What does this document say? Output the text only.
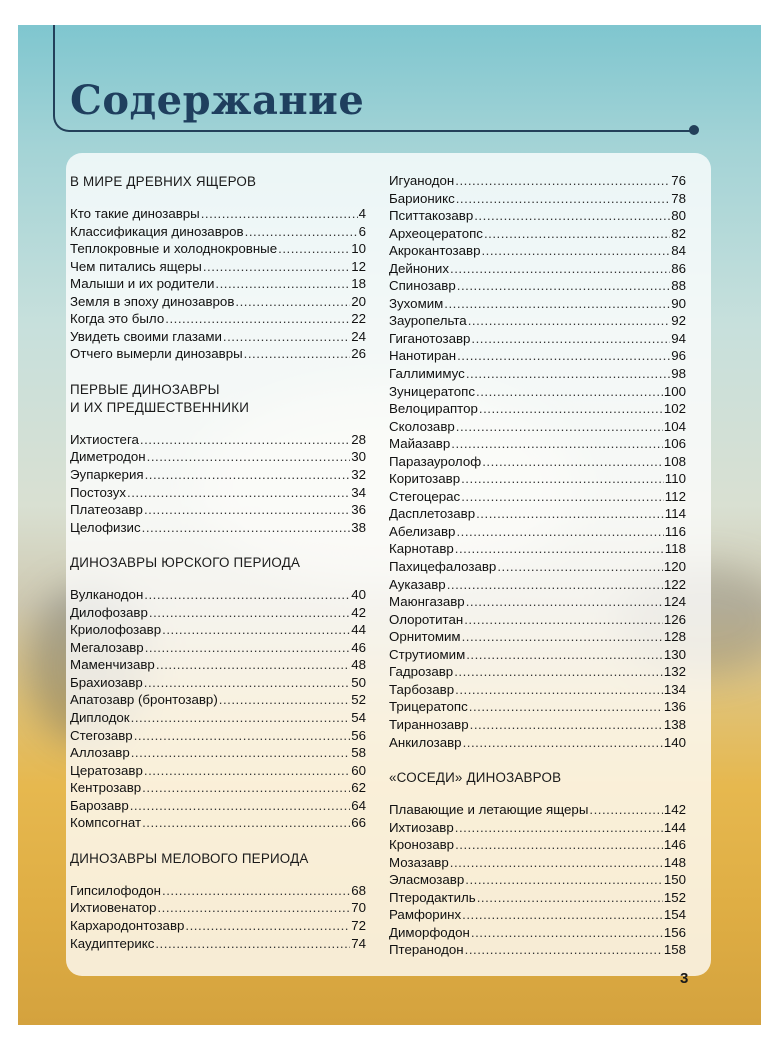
Содержание
В МИРЕ ДРЕВНИХ ЯЩЕРОВ
Кто такие динозавры .....	4
Классификация динозавров .....	6
Теплокровные и холоднокровные .....	10
Чем питались ящеры .....	12
Малыши и их родители .....	18
Земля в эпоху динозавров .....	20
Когда это было .....	22
Увидеть своими глазами .....	24
Отчего вымерли динозавры .....	26
ПЕРВЫЕ ДИНОЗАВРЫ
И ИХ ПРЕДШЕСТВЕННИКИ
Ихтиостега .....	28
Диметродон .....	30
Эупаркерия .....	32
Постозух .....	34
Платеозавр .....	36
Целофизис .....	38
ДИНОЗАВРЫ ЮРСКОГО ПЕРИОДА
Вулканодон .....	40
Дилофозавр .....	42
Криолофозавр .....	44
Мегалозавр .....	46
Маменчизавр .....	48
Брахиозавр .....	50
Апатозавр (бронтозавр) .....	52
Диплодок .....	54
Стегозавр .....	56
Аллозавр .....	58
Цератозавр .....	60
Кентрозавр .....	62
Барозавр .....	64
Компсогнат .....	66
ДИНОЗАВРЫ МЕЛОВОГО ПЕРИОДА
Гипсилофодон .....	68
Ихтиовенатор .....	70
Кархародонтозавр .....	72
Каудиптерикс .....	74
Игуанодон .....	76
Барионикс .....	78
Пситтакозавр .....	80
Археоцератопс .....	82
Акрокантозавр .....	84
Дейноних .....	86
Спинозавр .....	88
Зухомим .....	90
Зауропельта .....	92
Гиганотозавр .....	94
Нанотиран .....	96
Галлимимус .....	98
Зуницератопс .....	100
Велоцираптор .....	102
Сколозавр .....	104
Майазавр .....	106
Паразауролоф .....	108
Коритозавр .....	110
Стегоцерас .....	112
Дасплетозавр .....	114
Абелизавр .....	116
Карнотавр .....	118
Пахицефалозавр .....	120
Ауказавр .....	122
Маюнгазавр .....	124
Олоротитан .....	126
Орнитомим .....	128
Струтиомим .....	130
Гадрозавр .....	132
Тарбозавр .....	134
Трицератопс .....	136
Тираннозавр .....	138
Анкилозавр .....	140
«СОСЕДИ» ДИНОЗАВРОВ
Плавающие и летающие ящеры .....	142
Ихтиозавр .....	144
Кронозавр .....	146
Мозазавр .....	148
Эласмозавр .....	150
Птеродактиль .....	152
Рамфоринх .....	154
Диморфодон .....	156
Птеранодон .....	158
3
